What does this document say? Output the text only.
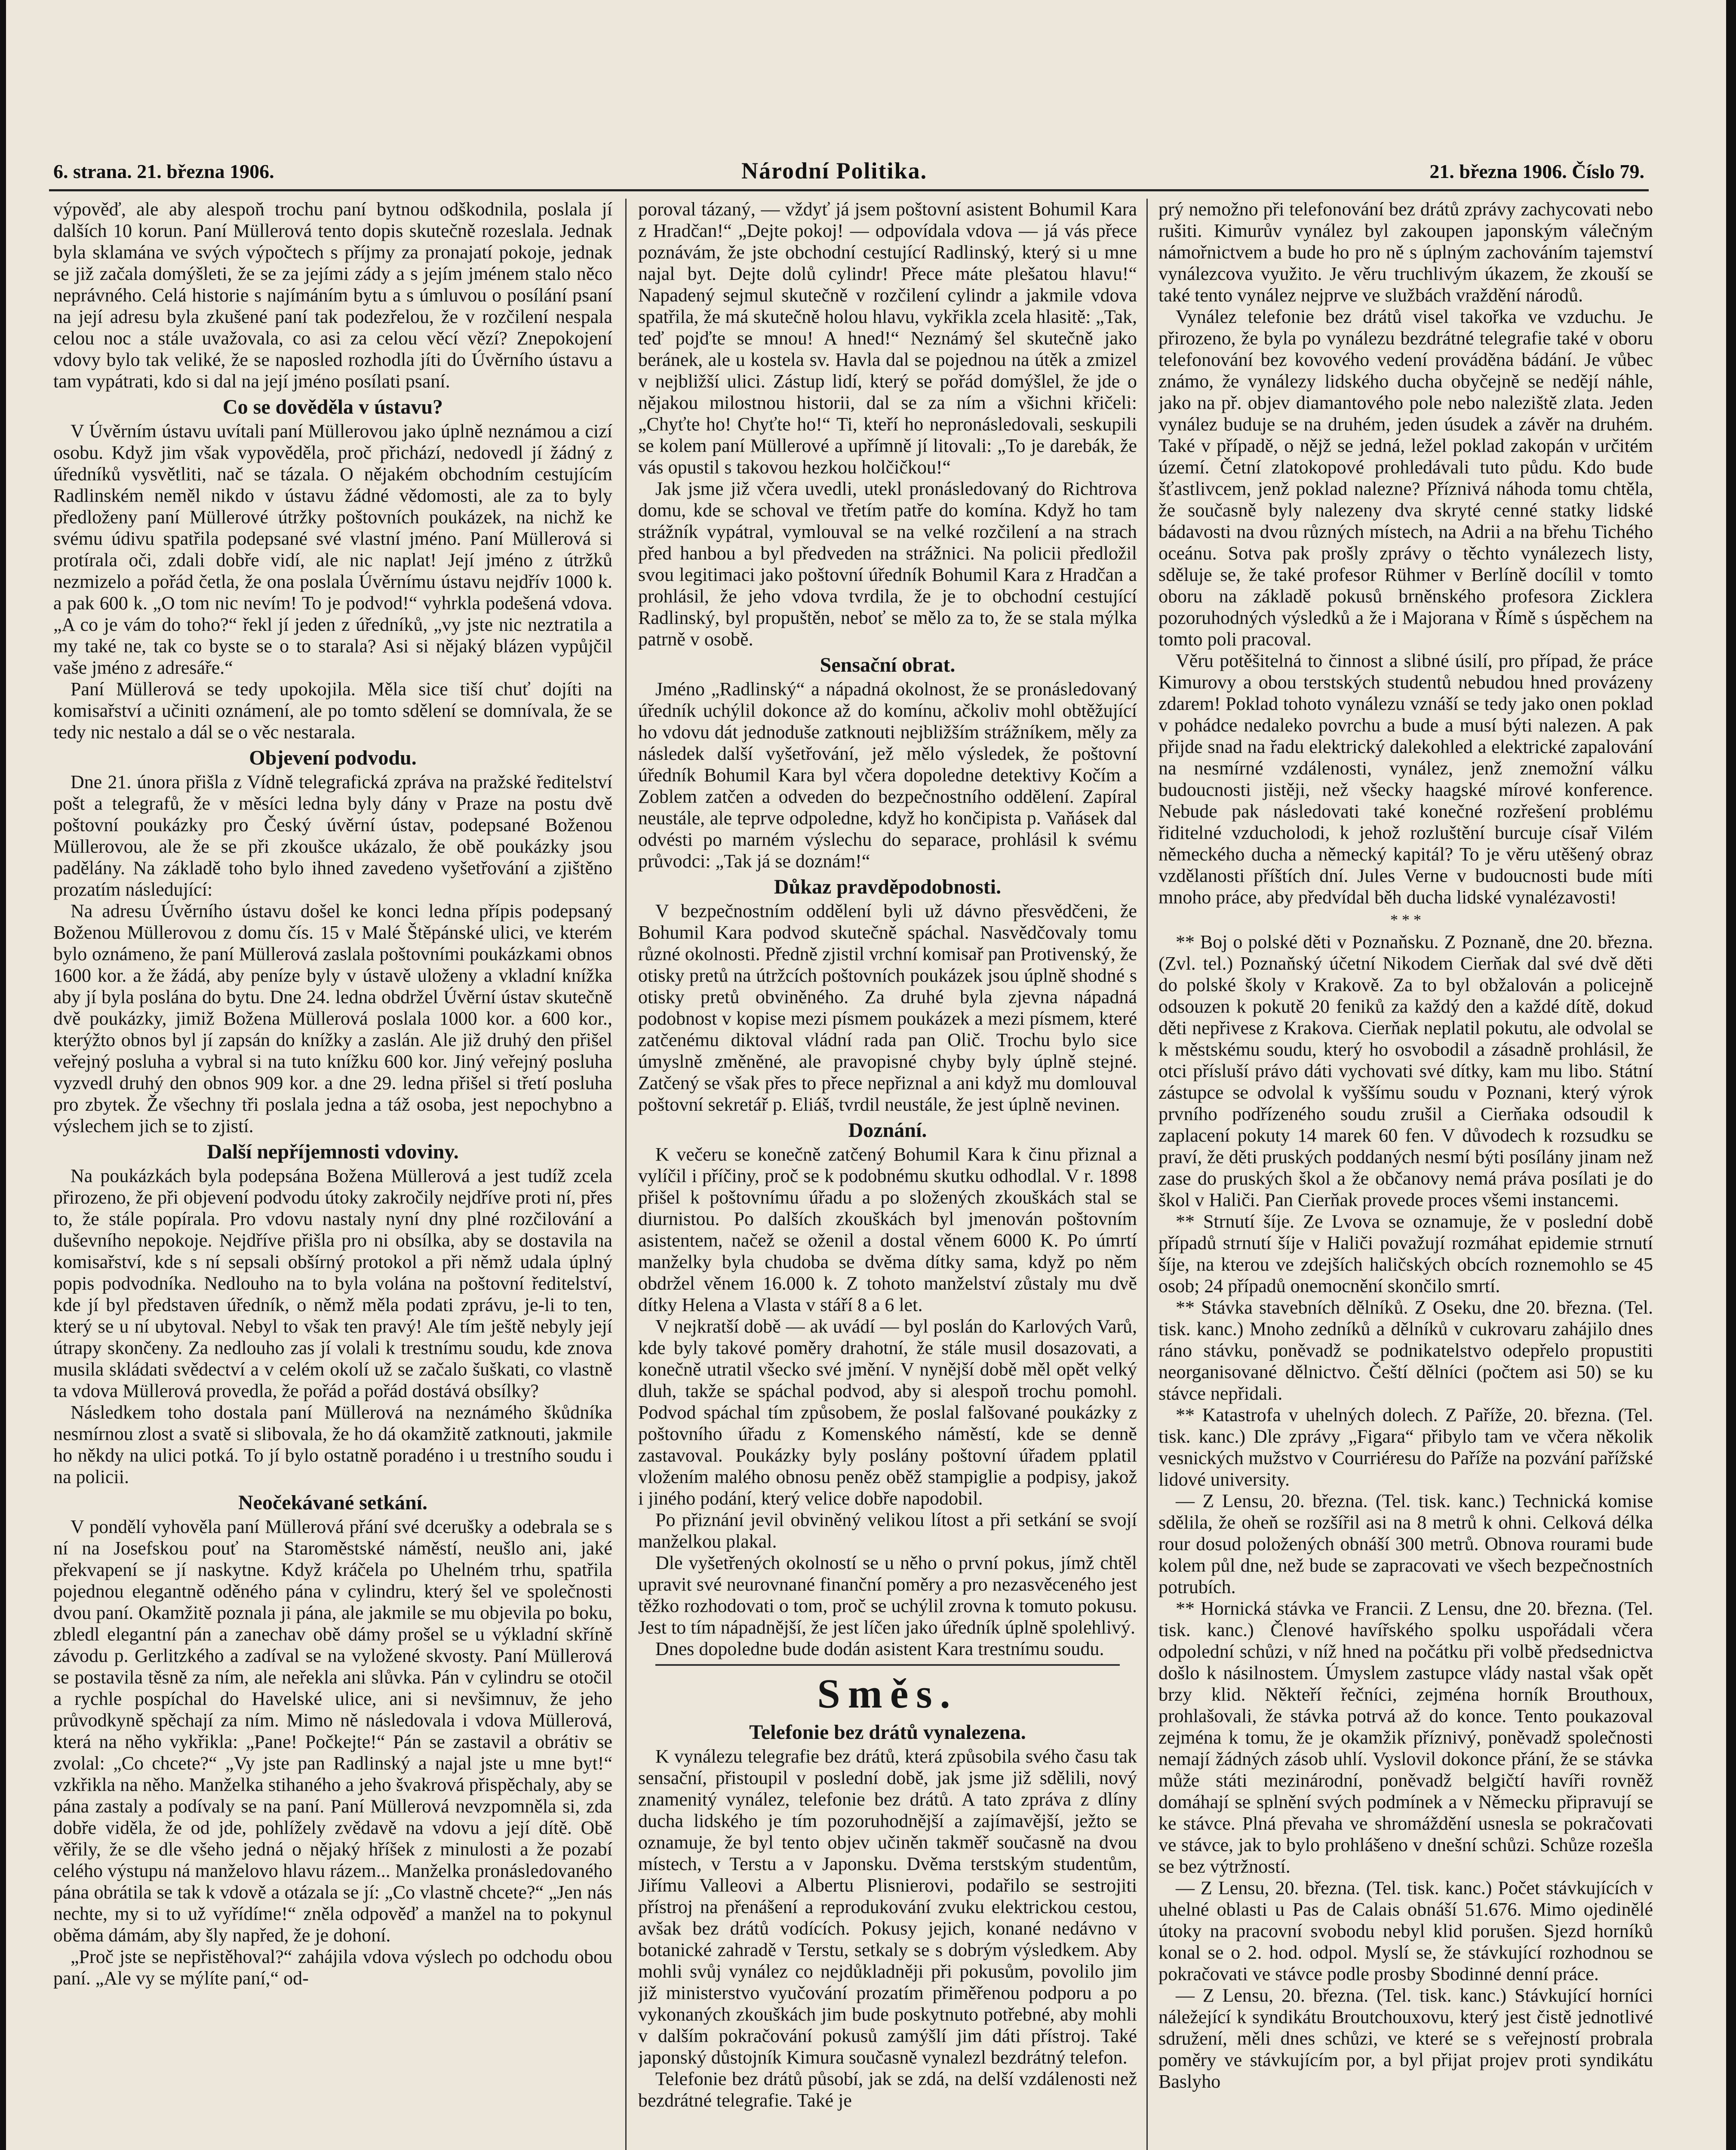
6. strana. 21. března 1906.	Národní Politika.	21. března 1906. Číslo 79.

výpověď, ale aby alespoň trochu paní bytnou odškodnila, poslala jí dalších 10 korun. Paní Müllerová tento dopis skutečně rozeslala. Jednak byla sklamána ve svých výpočtech s příjmy za pronajatí pokoje, jednak se již začala domýšleti, že se za jejími zády a s jejím jménem stalo něco neprávného. Celá historie s najímáním bytu a s úmluvou o posílání psaní na její adresu byla zkušené paní tak podezřelou, že v rozčilení nespala celou noc a stále uvažovala, co asi za celou věcí vězí? Znepokojení vdovy bylo tak veliké, že se naposled rozhodla jíti do Úvěrního ústavu a tam vypátrati, kdo si dal na její jméno posílati psaní.

Co se dověděla v ústavu?

V Úvěrním ústavu uvítali paní Müllerovou jako úplně neznámou a cizí osobu. Když jim však vypověděla, proč přichází, nedovedl jí žádný z úředníků vysvětliti, nač se tázala. O nějakém obchodním cestujícím Radlinském neměl nikdo v ústavu žádné vědomosti, ale za to byly předloženy paní Müllerové útržky poštovních poukázek, na nichž ke svému údivu spatřila podepsané své vlastní jméno. Paní Müllerová si protírala oči, zdali dobře vidí, ale nic naplat! Její jméno z útržků nezmizelo a pořád četla, že ona poslala Úvěrnímu ústavu nejdřív 1000 k. a pak 600 k. „O tom nic nevím! To je podvod!“ vyhrkla podešená vdova. „A co je vám do toho?“ řekl jí jeden z úředníků, „vy jste nic neztratila a my také ne, tak co byste se o to starala? Asi si nějaký blázen vypůjčil vaše jméno z adresáře.“

Paní Müllerová se tedy upokojila. Měla sice tiší chuť dojíti na komisařství a učiniti oznámení, ale po tomto sdělení se domnívala, že se tedy nic nestalo a dál se o věc nestarala.

Objevení podvodu.

Dne 21. února přišla z Vídně telegrafická zpráva na pražské ředitelství pošt a telegrafů, že v měsíci ledna byly dány v Praze na postu dvě poštovní poukázky pro Český úvěrní ústav, podepsané Boženou Müllerovou, ale že se při zkoušce ukázalo, že obě poukázky jsou padělány. Na základě toho bylo ihned zavedeno vyšetřování a zjištěno prozatím následující:

Na adresu Úvěrního ústavu došel ke konci ledna přípis podepsaný Boženou Müllerovou z domu čís. 15 v Malé Štěpánské ulici, ve kterém bylo oznámeno, že paní Müllerová zaslala poštovními poukázkami obnos 1600 kor. a že žádá, aby peníze byly v ústavě uloženy a vkladní knížka aby jí byla poslána do bytu. Dne 24. ledna obdržel Úvěrní ústav skutečně dvě poukázky, jimiž Božena Müllerová poslala 1000 kor. a 600 kor., kterýžto obnos byl jí zapsán do knížky a zaslán. Ale již druhý den přišel veřejný posluha a vybral si na tuto knížku 600 kor. Jiný veřejný posluha vyzvedl druhý den obnos 909 kor. a dne 29. ledna přišel si třetí posluha pro zbytek. Že všechny tři poslala jedna a táž osoba, jest nepochybno a výslechem jich se to zjistí.

Další nepříjemnosti vdoviny.

Na poukázkách byla podepsána Božena Müllerová a jest tudíž zcela přirozeno, že při objevení podvodu útoky zakročily nejdříve proti ní, přes to, že stále popírala. Pro vdovu nastaly nyní dny plné rozčilování a duševního nepokoje. Nejdříve přišla pro ni obsílka, aby se dostavila na komisařství, kde s ní sepsali obšírný protokol a při němž udala úplný popis podvodníka. Nedlouho na to byla volána na poštovní ředitelství, kde jí byl představen úředník, o němž měla podati zprávu, je-li to ten, který se u ní ubytoval. Nebyl to však ten pravý! Ale tím ještě nebyly její útrapy skončeny. Za nedlouho zas jí volali k trestnímu soudu, kde znova musila skládati svědectví a v celém okolí už se začalo šuškati, co vlastně ta vdova Müllerová provedla, že pořád a pořád dostává obsílky?

Následkem toho dostala paní Müllerová na neznámého škůdníka nesmírnou zlost a svatě si slibovala, že ho dá okamžitě zatknouti, jakmile ho někdy na ulici potká. To jí bylo ostatně poradéno i u trestního soudu i na policii.

Neočekávané setkání.

V pondělí vyhověla paní Müllerová přání své dcerušky a odebrala se s ní na Josefskou pouť na Staroměstské náměstí, neušlo ani, jaké překvapení se jí naskytne. Když kráčela po Uhelném trhu, spatřila pojednou elegantně oděného pána v cylindru, který šel ve společnosti dvou paní. Okamžitě poznala ji pána, ale jakmile se mu objevila po boku, zbledl elegantní pán a zanechav obě dámy prošel se u výkladní skříně závodu p. Gerlitzkého a zadíval se na vyložené skvosty. Paní Müllerová se postavila těsně za ním, ale neřekla ani slůvka. Pán v cylindru se otočil a rychle pospíchal do Havelské ulice, ani si nevšimnuv, že jeho průvodkyně spěchají za ním. Mimo ně následovala i vdova Müllerová, která na něho vykřikla: „Pane! Počkejte!“ Pán se zastavil a obrátiv se zvolal: „Co chcete?“ „Vy jste pan Radlinský a najal jste u mne byt!“ vzkřikla na něho. Manželka stihaného a jeho švakrová přispěchaly, aby se pána zastaly a podívaly se na paní. Paní Müllerová nevzpomněla si, zda dobře viděla, že od jde, pohlížely zvědavě na vdovu a její dítě. Obě věřily, že se dle všeho jedná o nějaký hříšek z minulosti a že pozabí celého výstupu ná manželovo hlavu rázem... Manželka pronásledovaného pána obrátila se tak k vdově a otázala se jí: „Co vlastně chcete?“ „Jen nás nechte, my si to už vyřídíme!“ zněla odpověď a manžel na to pokynul oběma dámám, aby šly napřed, že je dohoní.

„Proč jste se nepřistěhoval?“ zahájila vdova výslech po odchodu obou paní. „Ale vy se mýlíte paní,“ od-

poroval tázaný, — vždyť já jsem poštovní asistent Bohumil Kara z Hradčan!“ „Dejte pokoj! — odpovídala vdova — já vás přece poznávám, že jste obchodní cestující Radlinský, který si u mne najal byt. Dejte dolů cylindr! Přece máte plešatou hlavu!“ Napadený sejmul skutečně v rozčilení cylindr a jakmile vdova spatřila, že má skutečně holou hlavu, vykřikla zcela hlasitě: „Tak, teď pojďte se mnou! A hned!“ Neznámý šel skutečně jako beránek, ale u kostela sv. Havla dal se pojednou na útěk a zmizel v nejbližší ulici. Zástup lidí, který se pořád domýšlel, že jde o nějakou milostnou historii, dal se za ním a všichni křičeli: „Chyťte ho! Chyťte ho!“ Ti, kteří ho nepronásledovali, seskupili se kolem paní Müllerové a upřímně jí litovali: „To je darebák, že vás opustil s takovou hezkou holčičkou!“

Jak jsme již včera uvedli, utekl pronásledovaný do Richtrova domu, kde se schoval ve třetím patře do komína. Když ho tam strážník vypátral, vymlouval se na velké rozčilení a na strach před hanbou a byl předveden na strážnici. Na policii předložil svou legitimaci jako poštovní úředník Bohumil Kara z Hradčan a prohlásil, že jeho vdova tvrdila, že je to obchodní cestující Radlinský, byl propuštěn, neboť se mělo za to, že se stala mýlka patrně v osobě.

Sensační obrat.

Jméno „Radlinský“ a nápadná okolnost, že se pronásledovaný úředník uchýlil dokonce až do komínu, ačkoliv mohl obtěžující ho vdovu dát jednoduše zatknouti nejbližším strážníkem, měly za následek další vyšetřování, jež mělo výsledek, že poštovní úředník Bohumil Kara byl včera dopoledne detektivy Kočím a Zoblem zatčen a odveden do bezpečnostního oddělení. Zapíral neustále, ale teprve odpoledne, když ho končipista p. Vaňásek dal odvésti po marném výslechu do separace, prohlásil k svému průvodci: „Tak já se doznám!“

Důkaz pravděpodobnosti.

V bezpečnostním oddělení byli už dávno přesvědčeni, že Bohumil Kara podvod skutečně spáchal. Nasvědčovaly tomu různé okolnosti. Předně zjistil vrchní komisař pan Protivenský, že otisky pretů na útržcích poštovních poukázek jsou úplně shodné s otisky pretů obviněného. Za druhé byla zjevna nápadná podobnost v kopise mezi písmem poukázek a mezi písmem, které zatčenému diktoval vládní rada pan Olič. Trochu bylo sice úmyslně změněné, ale pravopisné chyby byly úplně stejné. Zatčený se však přes to přece nepřiznal a ani když mu domlouval poštovní sekretář p. Eliáš, tvrdil neustále, že jest úplně nevinen.

Doznání.

K večeru se konečně zatčený Bohumil Kara k činu přiznal a vylíčil i příčiny, proč se k podobnému skutku odhodlal. V r. 1898 přišel k poštovnímu úřadu a po složených zkouškách stal se diurnistou. Po dalších zkouškách byl jmenován poštovním asistentem, načež se oženil a dostal věnem 6000 K. Po úmrtí manželky byla chudoba se dvěma dítky sama, když po něm obdržel věnem 16.000 k. Z tohoto manželství zůstaly mu dvě dítky Helena a Vlasta v stáří 8 a 6 let.

V nejkratší době — ak uvádí — byl poslán do Karlových Varů, kde byly takové poměry drahotní, že stále musil dosazovati, a konečně utratil všecko své jmění. V nynější době měl opět velký dluh, takže se spáchal podvod, aby si alespoň trochu pomohl. Podvod spáchal tím způsobem, že poslal falšované poukázky z poštovního úřadu z Komenského náměstí, kde se denně zastavoval. Poukázky byly poslány poštovní úřadem pplatil vložením malého obnosu peněz oběž stampiglie a podpisy, jakož i jiného podání, který velice dobře napodobil.

Po přiznání jevil obviněný velikou lítost a při setkání se svojí manželkou plakal.

Dle vyšetřených okolností se u něho o první pokus, jímž chtěl upravit své neurovnané finanční poměry a pro nezasvěceného jest těžko rozhodovati o tom, proč se uchýlil zrovna k tomuto pokusu. Jest to tím nápadnější, že jest líčen jako úředník úplně spolehlivý.

Dnes dopoledne bude dodán asistent Kara trestnímu soudu.

Směs.
Telefonie bez drátů vynalezena.

K vynálezu telegrafie bez drátů, která způsobila svého času tak sensační, přistoupil v poslední době, jak jsme již sdělili, nový znamenitý vynález, telefonie bez drátů. A tato zpráva z dlíny ducha lidského je tím pozoruhodnější a zajímavější, ježto se oznamuje, že byl tento objev učiněn takměř současně na dvou místech, v Terstu a v Japonsku. Dvěma terstským studentům, Jiřímu Valleovi a Albertu Plisnierovi, podařilo se sestrojiti přístroj na přenášení a reprodukování zvuku elektrickou cestou, avšak bez drátů vodících. Pokusy jejich, konané nedávno v botanické zahradě v Terstu, setkaly se s dobrým výsledkem. Aby mohli svůj vynález co nejdůkladněji při pokusům, povolilo jim již ministerstvo vyučování prozatím přiměřenou podporu a po vykonaných zkouškách jim bude poskytnuto potřebné, aby mohli v dalším pokračování pokusů zamýšlí jim dáti přístroj. Také japonský důstojník Kimura současně vynalezl bezdrátný telefon.

Telefonie bez drátů působí, jak se zdá, na delší vzdálenosti než bezdrátné telegrafie. Také je

prý nemožno při telefonování bez drátů zprávy zachycovati nebo rušiti. Kimurův vynález byl zakoupen japonským válečným námořnictvem a bude ho pro ně s úplným zachováním tajemství vynálezcova využito. Je věru truchlivým úkazem, že zkouší se také tento vynález nejprve ve službách vraždění národů.

Vynález telefonie bez drátů visel takořka ve vzduchu. Je přirozeno, že byla po vynálezu bezdrátné telegrafie také v oboru telefonování bez kovového vedení prováděna bádání. Je vůbec známo, že vynálezy lidského ducha obyčejně se nedějí náhle, jako na př. objev diamantového pole nebo naleziště zlata. Jeden vynález buduje se na druhém, jeden úsudek a závěr na druhém. Také v případě, o nějž se jedná, ležel poklad zakopán v určitém území. Četní zlatokopové prohledávali tuto půdu. Kdo bude šťastlivcem, jenž poklad nalezne? Příznivá náhoda tomu chtěla, že současně byly nalezeny dva skryté cenné statky lidské bádavosti na dvou různých místech, na Adrii a na břehu Tichého oceánu. Sotva pak prošly zprávy o těchto vynálezech listy, sděluje se, že také profesor Rühmer v Berlíně docílil v tomto oboru na základě pokusů brněnského profesora Zicklera pozoruhodných výsledků a že i Majorana v Římě s úspěchem na tomto poli pracoval.

Věru potěšitelná to činnost a slibné úsilí, pro případ, že práce Kimurovy a obou terstských studentů nebudou hned provázeny zdarem! Poklad tohoto vynálezu vznáší se tedy jako onen poklad v pohádce nedaleko povrchu a bude a musí býti nalezen. A pak přijde snad na řadu elektrický dalekohled a elektrické zapalování na nesmírné vzdálenosti, vynález, jenž znemožní válku budoucnosti jistěji, než všecky haagské mírové konference. Nebude pak následovati také konečné rozřešení problému řiditelné vzducholodi, k jehož rozluštění burcuje císař Vilém německého ducha a německý kapitál? To je věru utěšený obraz vzdělanosti příštích dní. Jules Verne v budoucnosti bude míti mnoho práce, aby předvídal běh ducha lidské vynalézavosti!

* * *

** Boj o polské děti v Poznaňsku. Z Poznaně, dne 20. března. (Zvl. tel.) Poznaňský účetní Nikodem Cierňak dal své dvě děti do polské školy v Krakově. Za to byl obžalován a policejně odsouzen k pokutě 20 feniků za každý den a každé dítě, dokud děti nepřivese z Krakova. Cierňak neplatil pokutu, ale odvolal se k městskému soudu, který ho osvobodil a zásadně prohlásil, že otci přísluší právo dáti vychovati své dítky, kam mu libo. Státní zástupce se odvolal k vyššímu soudu v Poznani, který výrok prvního podřízeného soudu zrušil a Cierňaka odsoudil k zaplacení pokuty 14 marek 60 fen. V důvodech k rozsudku se praví, že děti pruských poddaných nesmí býti posílány jinam než zase do pruských škol a že občanovy nemá práva posílati je do škol v Haliči. Pan Cierňak provede proces všemi instancemi.

** Strnutí šíje. Ze Lvova se oznamuje, že v poslední době případů strnutí šíje v Haliči považují rozmáhat epidemie strnutí šíje, na kterou ve zdejších haličských obcích roznemohlo se 45 osob; 24 případů onemocnění skončilo smrtí.

** Stávka stavebních dělníků. Z Oseku, dne 20. března. (Tel. tisk. kanc.) Mnoho zedníků a dělníků v cukrovaru zahájilo dnes ráno stávku, poněvadž se podnikatelstvo odepřelo propustiti neorganisované dělnictvo. Čeští dělníci (počtem asi 50) se ku stávce nepřidali.

** Katastrofa v uhelných dolech. Z Paříže, 20. března. (Tel. tisk. kanc.) Dle zprávy „Figara“ přibylo tam ve včera několik vesnických mužstvo v Courriéresu do Paříže na pozvání pařížské lidové university.

— Z Lensu, 20. března. (Tel. tisk. kanc.) Technická komise sdělila, že oheň se rozšířil asi na 8 metrů k ohni. Celková délka rour dosud položených obnáší 300 metrů. Obnova rourami bude kolem půl dne, než bude se zapracovati ve všech bezpečnostních potrubích.

** Hornická stávka ve Francii. Z Lensu, dne 20. března. (Tel. tisk. kanc.) Členové havířského spolku uspořádali včera odpolední schůzi, v níž hned na počátku při volbě předsednictva došlo k násilnostem. Úmyslem zastupce vlády nastal však opět brzy klid. Někteří řečníci, zejména horník Brouthoux, prohlašovali, že stávka potrvá až do konce. Tento poukazoval zejména k tomu, že je okamžik příznivý, poněvadž společnosti nemají žádných zásob uhlí. Vyslovil dokonce přání, že se stávka může státi mezinárodní, poněvadž belgičtí havíři rovněž domáhají se splnění svých podmínek a v Německu připravují se ke stávce. Plná převaha ve shromáždění usnesla se pokračovati ve stávce, jak to bylo prohlášeno v dnešní schůzi. Schůze rozešla se bez výtržností.

— Z Lensu, 20. března. (Tel. tisk. kanc.) Počet stávkujících v uhelné oblasti u Pas de Calais obnáší 51.676. Mimo ojedinělé útoky na pracovní svobodu nebyl klid porušen. Sjezd horníků konal se o 2. hod. odpol. Myslí se, že stávkující rozhodnou se pokračovati ve stávce podle prosby Sbodinné denní práce.

— Z Lensu, 20. března. (Tel. tisk. kanc.) Stávkující horníci náležející k syndikátu Broutchouxovu, který jest čistě jednotlivé sdružení, měli dnes schůzi, ve které se s veřejností probrala poměry ve stávkujícím por, a byl přijat projev proti syndikátu Baslyho
